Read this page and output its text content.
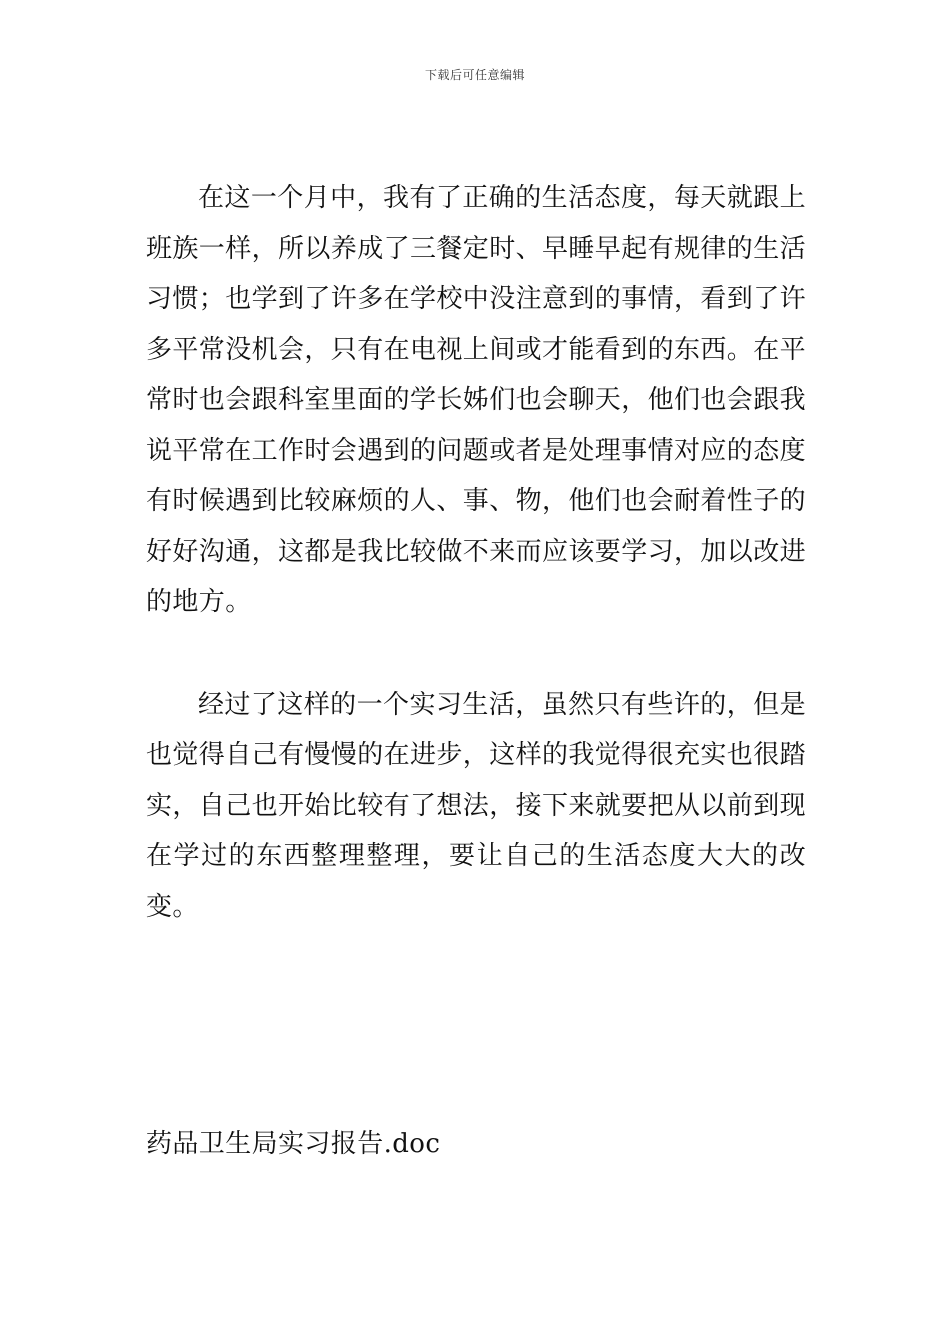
下载后可任意编辑

在这一个月中，我有了正确的生活态度，每天就跟上班族一样，所以养成了三餐定时、早睡早起有规律的生活习惯；也学到了许多在学校中没注意到的事情，看到了许多平常没机会，只有在电视上间或才能看到的东西。在平常时也会跟科室里面的学长姊们也会聊天，他们也会跟我说平常在工作时会遇到的问题或者是处理事情对应的态度有时候遇到比较麻烦的人、事、物，他们也会耐着性子的好好沟通，这都是我比较做不来而应该要学习，加以改进的地方。

经过了这样的一个实习生活，虽然只有些许的，但是也觉得自己有慢慢的在进步，这样的我觉得很充实也很踏实，自己也开始比较有了想法，接下来就要把从以前到现在学过的东西整理整理，要让自己的生活态度大大的改变。

药品卫生局实习报告.doc
